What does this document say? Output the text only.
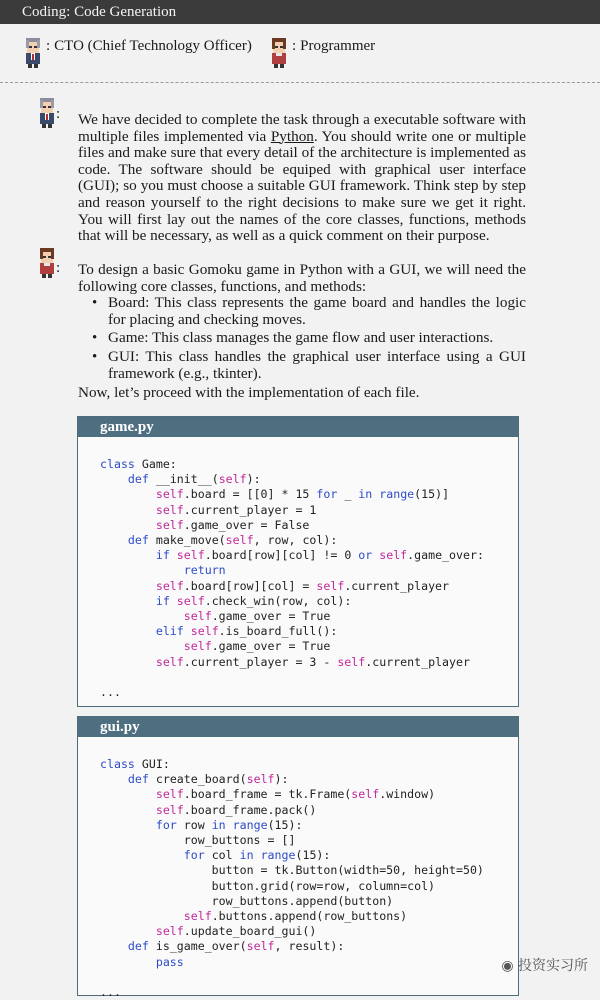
Coding: Code Generation
: CTO (Chief Technology Officer)	: Programmer
: We have decided to complete the task through a executable software with multiple files implemented via Python. You should write one or multiple files and make sure that every detail of the architecture is implemented as code. The software should be equiped with graphical user interface (GUI); so you must choose a suitable GUI framework. Think step by step and reason yourself to the right decisions to make sure we get it right. You will first lay out the names of the core classes, functions, methods that will be necessary, as well as a quick comment on their purpose.
: To design a basic Gomoku game in Python with a GUI, we will need the following core classes, functions, and methods:
• Board: This class represents the game board and handles the logic for placing and checking moves.
• Game: This class manages the game flow and user interactions.
• GUI: This class handles the graphical user interface using a GUI framework (e.g., tkinter).
Now, let’s proceed with the implementation of each file.
game.py
class Game:
def __init__(self):
self.board = [[0] * 15 for _ in range(15)]
self.current_player = 1
self.game_over = False
def make_move(self, row, col):
if self.board[row][col] != 0 or self.game_over:
return
self.board[row][col] = self.current_player
if self.check_win(row, col):
self.game_over = True
elif self.is_board_full():
self.game_over = True
self.current_player = 3 - self.current_player

...
gui.py
class GUI:
def create_board(self):
self.board_frame = tk.Frame(self.window)
self.board_frame.pack()
for row in range(15):
row_buttons = []
for col in range(15):
button = tk.Button(width=50, height=50)
button.grid(row=row, column=col)
row_buttons.append(button)
self.buttons.append(row_buttons)
self.update_board_gui()
def is_game_over(self, result):
pass

...
◉ 投资实习所
